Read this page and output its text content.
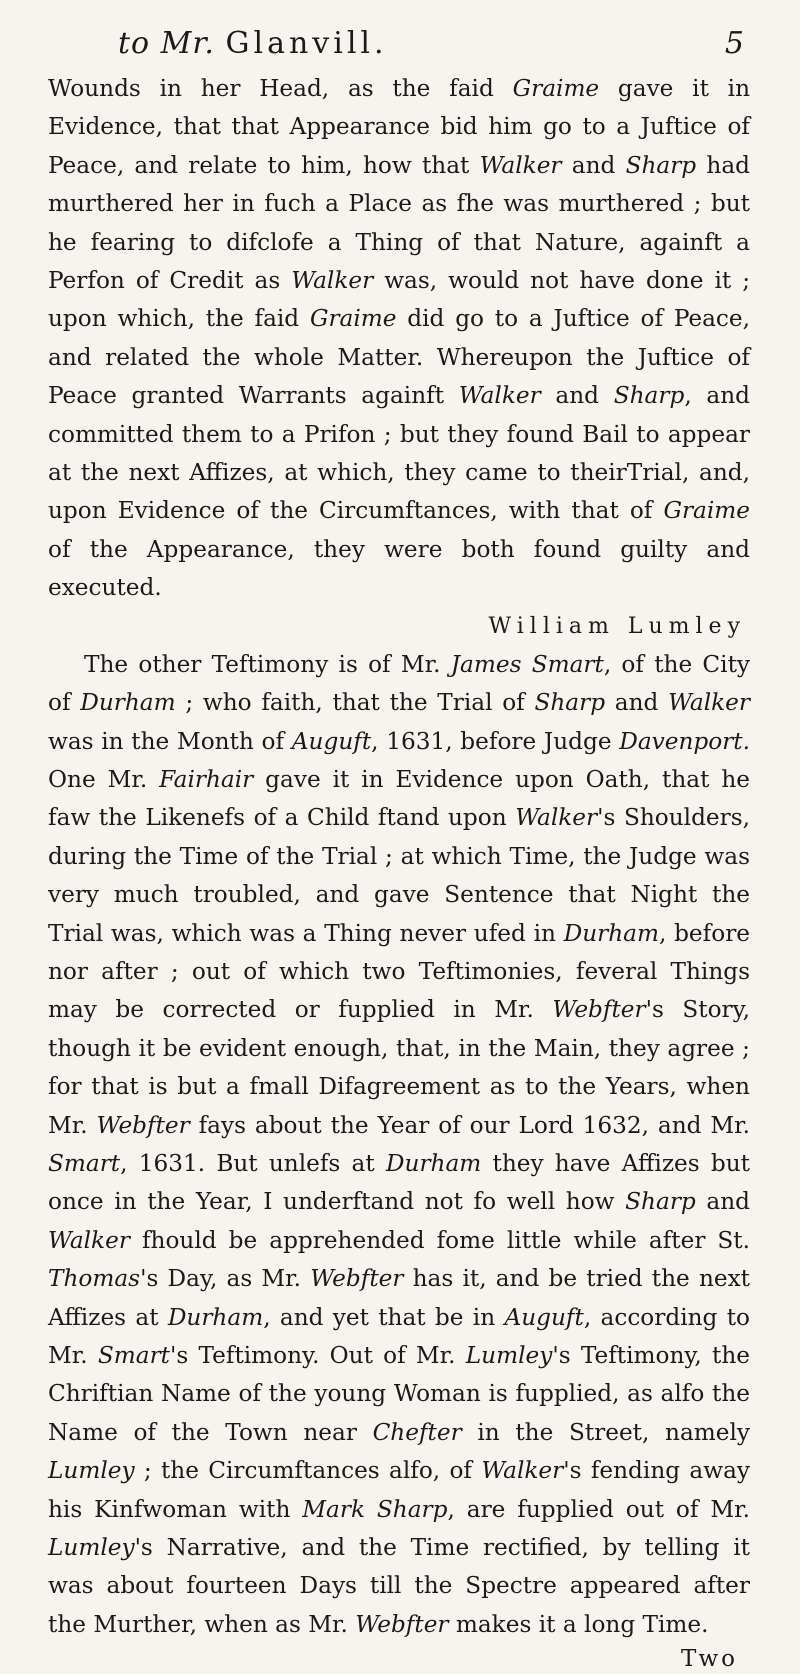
to Mr. Glanvill.	5

Wounds in her Head, as the faid Graime gave it in Evidence, that that Appearance bid him go to a Juftice of Peace, and relate to him, how that Walker and Sharp had murthered her in fuch a Place as fhe was murthered ; but he fearing to difclofe a Thing of that Nature, againft a Perfon of Credit as Walker was, would not have done it ; upon which, the faid Graime did go to a Juftice of Peace, and related the whole Matter. Whereupon the Juftice of Peace granted Warrants againft Walker and Sharp, and committed them to a Prifon ; but they found Bail to appear at the next Affizes, at which, they came to theirTrial, and, upon Evidence of the Circumftances, with that of Graime of the Appearance, they were both found guilty and executed.

William Lumley

The other Teftimony is of Mr. James Smart, of the City of Durham ; who faith, that the Trial of Sharp and Walker was in the Month of Auguft, 1631, before Judge Davenport. One Mr. Fairhair gave it in Evidence upon Oath, that he faw the Likenefs of a Child ftand upon Walker's Shoulders, during the Time of the Trial ; at which Time, the Judge was very much troubled, and gave Sentence that Night the Trial was, which was a Thing never ufed in Durham, before nor after ; out of which two Teftimonies, feveral Things may be corrected or fupplied in Mr. Webfter's Story, though it be evident enough, that, in the Main, they agree ; for that is but a fmall Difagreement as to the Years, when Mr. Webfter fays about the Year of our Lord 1632, and Mr. Smart, 1631. But unlefs at Durham they have Affizes but once in the Year, I underftand not fo well how Sharp and Walker fhould be apprehended fome little while after St. Thomas's Day, as Mr. Webfter has it, and be tried the next Affizes at Durham, and yet that be in Auguft, according to Mr. Smart's Teftimony. Out of Mr. Lumley's Teftimony, the Chriftian Name of the young Woman is fupplied, as alfo the Name of the Town near Chefter in the Street, namely Lumley ; the Circumftances alfo, of Walker's fending away his Kinfwoman with Mark Sharp, are fupplied out of Mr. Lumley's Narrative, and the Time rectified, by telling it was about fourteen Days till the Spectre appeared after the Murther, when as Mr. Webfter makes it a long Time.

Two
